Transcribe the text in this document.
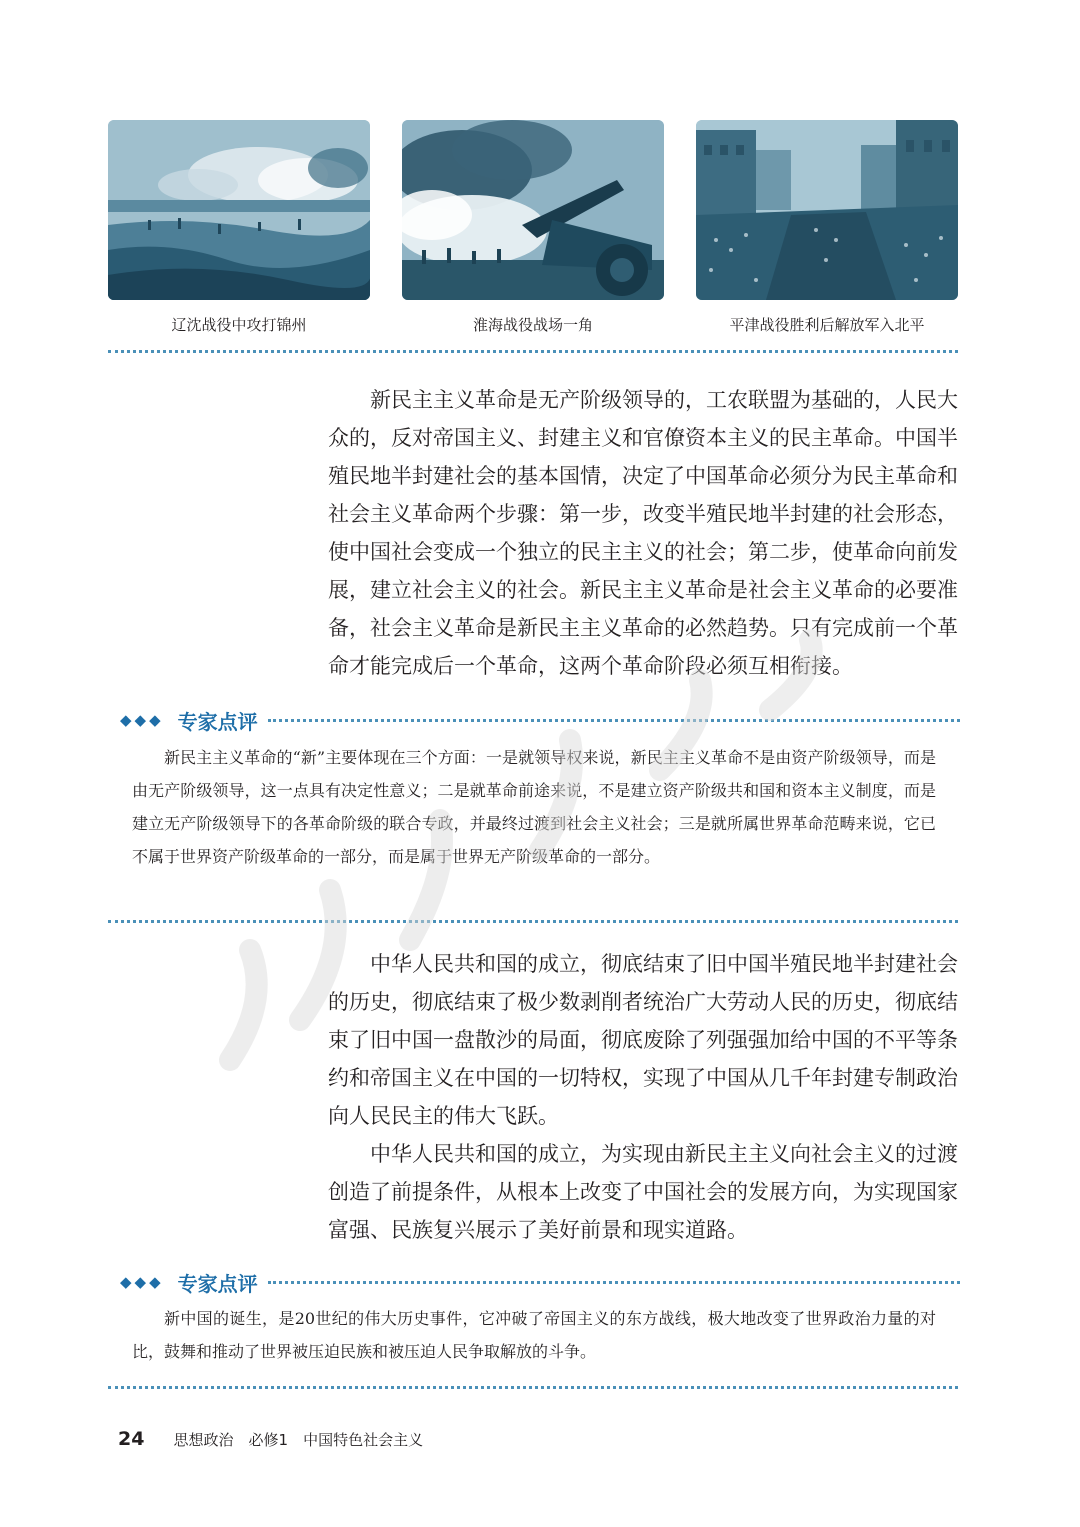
辽沈战役中攻打锦州	淮海战役战场一角	平津战役胜利后解放军入北平

新民主主义革命是无产阶级领导的，工农联盟为基础的，人民大众的，反对帝国主义、封建主义和官僚资本主义的民主革命。中国半殖民地半封建社会的基本国情，决定了中国革命必须分为民主革命和社会主义革命两个步骤：第一步，改变半殖民地半封建的社会形态，使中国社会变成一个独立的民主主义的社会；第二步，使革命向前发展，建立社会主义的社会。新民主主义革命是社会主义革命的必要准备，社会主义革命是新民主主义革命的必然趋势。只有完成前一个革命才能完成后一个革命，这两个革命阶段必须互相衔接。

◆◆◆ 专家点评

新民主主义革命的“新”主要体现在三个方面：一是就领导权来说，新民主主义革命不是由资产阶级领导，而是由无产阶级领导，这一点具有决定性意义；二是就革命前途来说，不是建立资产阶级共和国和资本主义制度，而是建立无产阶级领导下的各革命阶级的联合专政，并最终过渡到社会主义社会；三是就所属世界革命范畴来说，它已不属于世界资产阶级革命的一部分，而是属于世界无产阶级革命的一部分。

中华人民共和国的成立，彻底结束了旧中国半殖民地半封建社会的历史，彻底结束了极少数剥削者统治广大劳动人民的历史，彻底结束了旧中国一盘散沙的局面，彻底废除了列强强加给中国的不平等条约和帝国主义在中国的一切特权，实现了中国从几千年封建专制政治向人民民主的伟大飞跃。

中华人民共和国的成立，为实现由新民主主义向社会主义的过渡创造了前提条件，从根本上改变了中国社会的发展方向，为实现国家富强、民族复兴展示了美好前景和现实道路。

◆◆◆ 专家点评

新中国的诞生，是20世纪的伟大历史事件，它冲破了帝国主义的东方战线，极大地改变了世界政治力量的对比，鼓舞和推动了世界被压迫民族和被压迫人民争取解放的斗争。

24 思想政治　必修1　中国特色社会主义
